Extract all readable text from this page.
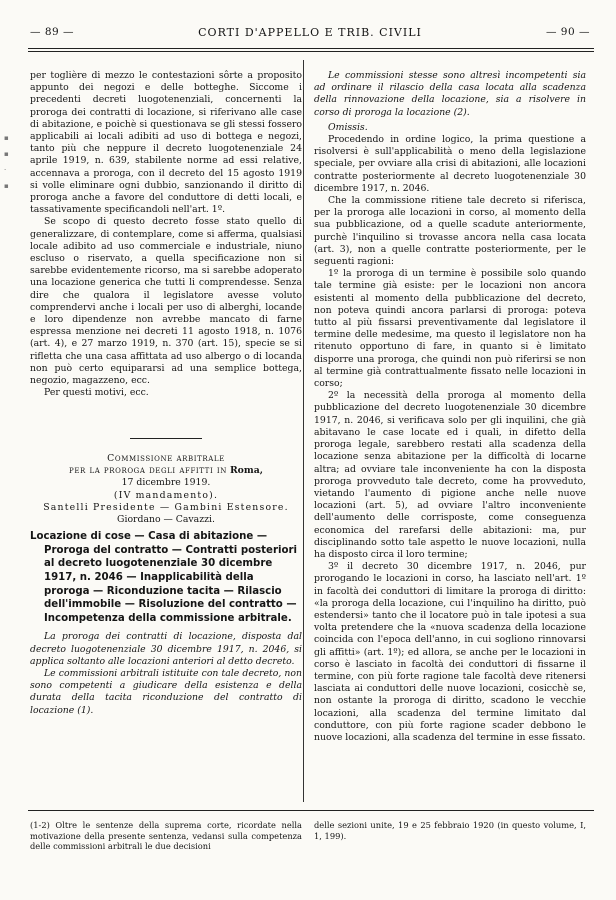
— 89 —	CORTI D'APPELLO E TRIB. CIVILI	— 90 —
▪
▪
·
▪

per toglière di mezzo le contestazioni sôrte a proposito appunto dei negozi e delle botteghe. Siccome i precedenti decreti luogotenenziali, concernenti la proroga dei contratti di locazione, si riferivano alle case di abitazione, e poichè si questionava se gli stessi fossero applicabili ai locali adibiti ad uso di bottega e negozi, tanto più che neppure il decreto luogotenenziale 24 aprile 1919, n. 639, stabilente norme ad essi relative, accennava a proroga, con il decreto del 15 agosto 1919 si volle eliminare ogni dubbio, sanzionando il diritto di proroga anche a favore del conduttore di detti locali, e tassativamente specificandoli nell'art. 1º.

Se scopo di questo decreto fosse stato quello di generalizzare, di contemplare, come si afferma, qualsiasi locale adibito ad uso commerciale e industriale, niuno escluso o riservato, a quella specificazione non si sarebbe evidentemente ricorso, ma si sarebbe adoperato una locazione generica che tutti li comprendesse. Senza dire che qualora il legislatore avesse voluto comprendervi anche i locali per uso di alberghi, locande e loro dipendenze non avrebbe mancato di farne espressa menzione nei decreti 11 agosto 1918, n. 1076 (art. 4), e 27 marzo 1919, n. 370 (art. 15), specie se si rifletta che una casa affittata ad uso albergo o di locanda non può certo equipararsi ad una semplice bottega, negozio, magazzeno, ecc.

Per questi motivi, ecc.

Commissione arbitrale

per la proroga degli affitti in Roma,

17 dicembre 1919.

(IV mandamento).

Santelli Presidente — Gambini Estensore.

Giordano — Cavazzi.

Locazione di cose — Casa di abitazione — Proroga del contratto — Contratti posteriori al decreto luogotenenziale 30 dicembre 1917, n. 2046 — Inapplicabilità della proroga — Riconduzione tacita — Rilascio dell'immobile — Risoluzione del contratto — Incompetenza della commissione arbitrale.

La proroga dei contratti di locazione, disposta dal decreto luogotenenziale 30 dicembre 1917, n. 2046, si applica soltanto alle locazioni anteriori al detto decreto.

Le commissioni arbitrali istituite con tale decreto, non sono competenti a giudicare della esistenza e della durata della tacita riconduzione del contratto di locazione (1).

Le commissioni stesse sono altresì incompetenti sia ad ordinare il rilascio della casa locata alla scadenza della rinnovazione della locazione, sia a risolvere in corso di proroga la locazione (2).

Omissis.

Procedendo in ordine logico, la prima questione a risolversi è sull'applicabilità o meno della legislazione speciale, per ovviare alla crisi di abitazioni, alle locazioni contratte posteriormente al decreto luogotenenziale 30 dicembre 1917, n. 2046.

Che la commissione ritiene tale decreto si riferisca, per la proroga alle locazioni in corso, al momento della sua pubblicazione, od a quelle scadute anteriormente, purchè l'inquilino si trovasse ancora nella casa locata (art. 3), non a quelle contratte posteriormente, per le seguenti ragioni:

1º la proroga di un termine è possibile solo quando tale termine già esiste: per le locazioni non ancora esistenti al momento della pubblicazione del decreto, non poteva quindi ancora parlarsi di proroga: poteva tutto al più fissarsi preventivamente dal legislatore il termine delle medesime, ma questo il legislatore non ha ritenuto opportuno di fare, in quanto si è limitato disporre una proroga, che quindi non può riferirsi se non al termine già contrattualmente fissato nelle locazioni in corso;

2º la necessità della proroga al momento della pubblicazione del decreto luogotenenziale 30 dicembre 1917, n. 2046, si verificava solo per gli inquilini, che già abitavano le case locate ed i quali, in difetto della proroga legale, sarebbero restati alla scadenza della locazione senza abitazione per la difficoltà di locarne altra; ad ovviare tale inconveniente ha con la disposta proroga provveduto tale decreto, come ha provveduto, vietando l'aumento di pigione anche nelle nuove locazioni (art. 5), ad ovviare l'altro inconveniente dell'aumento delle corrisposte, come conseguenza economica del rarefarsi delle abitazioni: ma, pur disciplinando sotto tale aspetto le nuove locazioni, nulla ha disposto circa il loro termine;

3º il decreto 30 dicembre 1917, n. 2046, pur prorogando le locazioni in corso, ha lasciato nell'art. 1º in facoltà dei conduttori di limitare la proroga di diritto: «la proroga della locazione, cui l'inquilino ha diritto, può estendersi» tanto che il locatore può in tale ipotesi a sua volta pretendere che la «nuova scadenza della locazione coincida con l'epoca dell'anno, in cui sogliono rinnovarsi gli affitti» (art. 1º); ed allora, se anche per le locazioni in corso è lasciato in facoltà dei conduttori di fissarne il termine, con più forte ragione tale facoltà deve ritenersi lasciata ai conduttori delle nuove locazioni, cosicchè se, non ostante la proroga di diritto, scadono le vecchie locazioni, alla scadenza del termine limitato dal conduttore, con più forte ragione scader debbono le nuove locazioni, alla scadenza del termine in esse fissato.

(1-2) Oltre le sentenze della suprema corte, ricordate nella motivazione della presente sentenza, vedansi sulla competenza delle commissioni arbitrali le due decisioni
delle sezioni unite, 19 e 25 febbraio 1920 (in questo volume, I, 1, 199).
